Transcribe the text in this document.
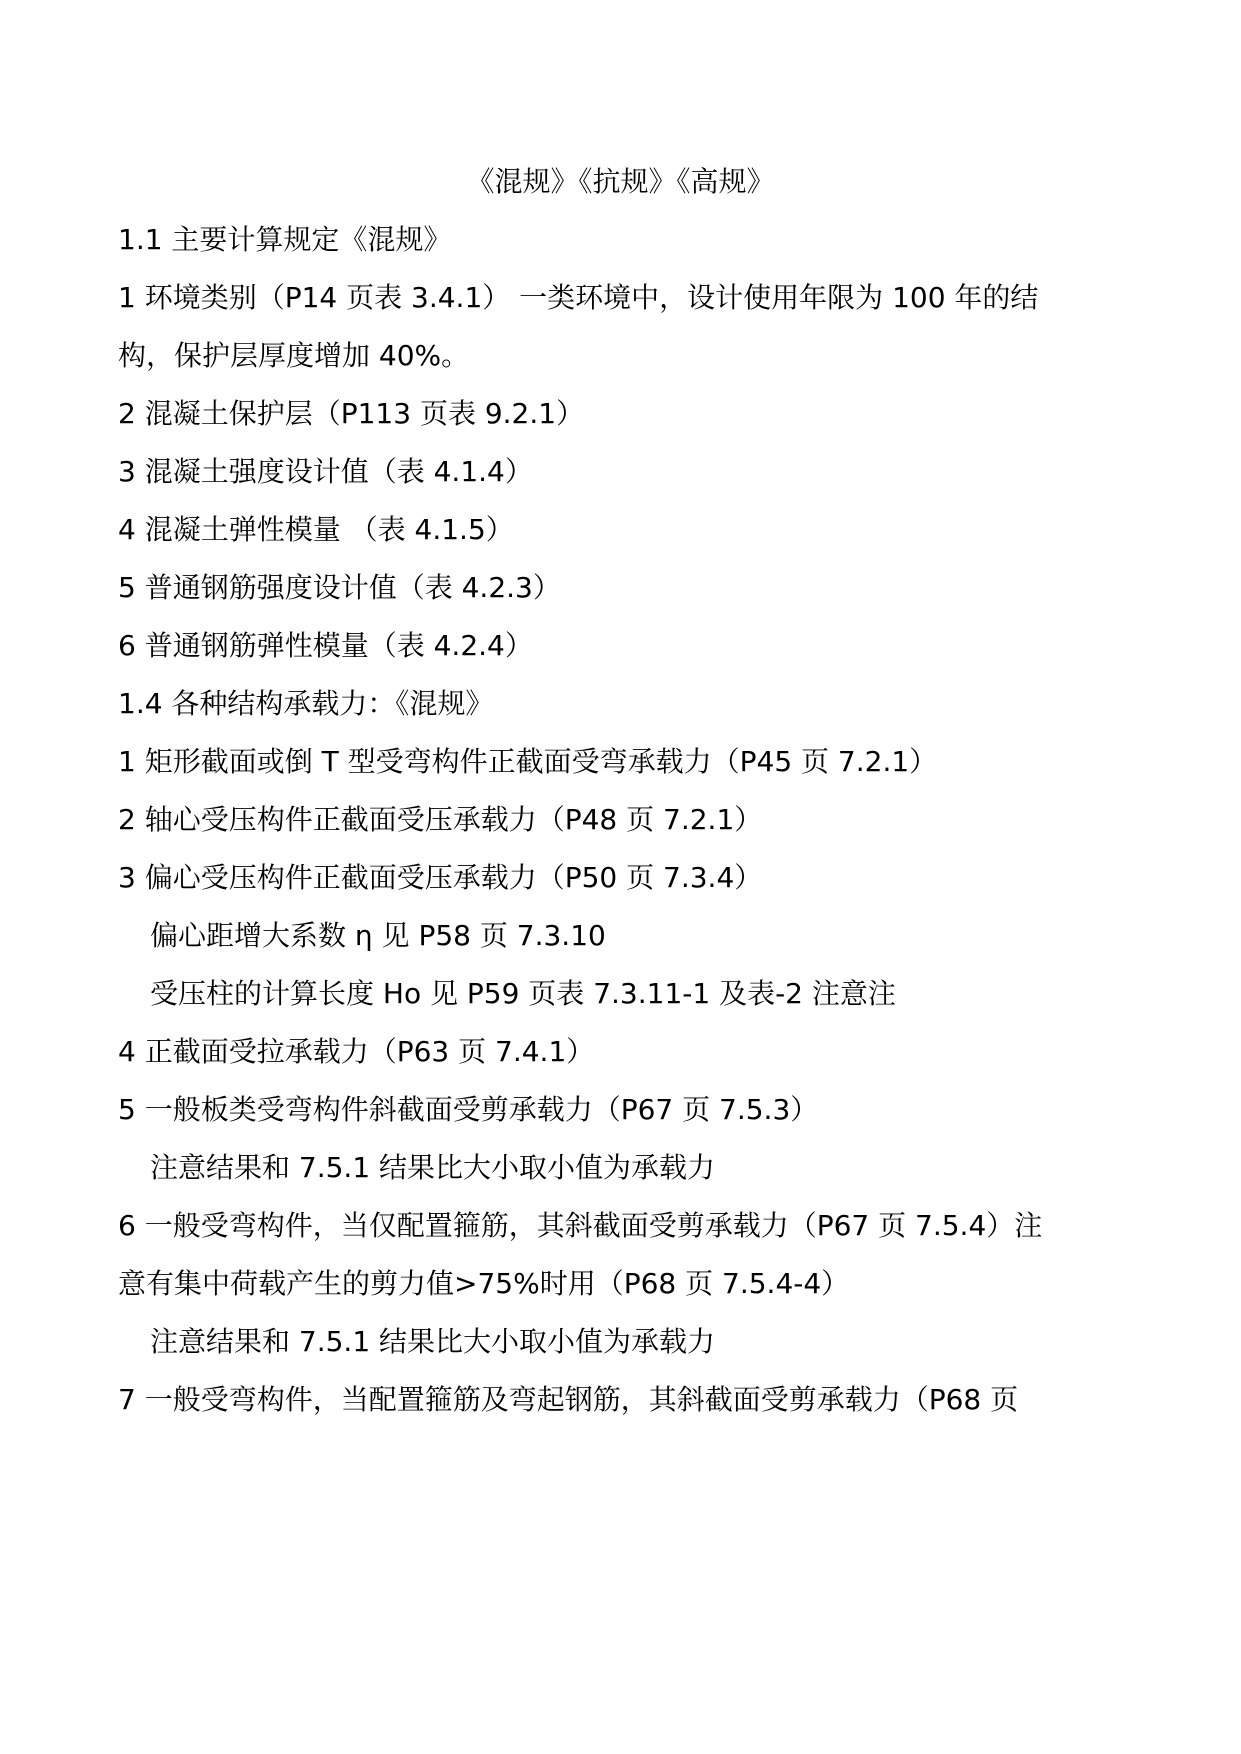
《混规》《抗规》《高规》
1.1 主要计算规定《混规》
1 环境类别（P14 页表 3.4.1） 一类环境中，设计使用年限为 100 年的结
构，保护层厚度增加 40%。
2 混凝土保护层（P113 页表 9.2.1）
3 混凝土强度设计值（表 4.1.4）
4 混凝土弹性模量 （表 4.1.5）
5 普通钢筋强度设计值（表 4.2.3）
6 普通钢筋弹性模量（表 4.2.4）
1.4 各种结构承载力：《混规》
1 矩形截面或倒 T 型受弯构件正截面受弯承载力（P45 页 7.2.1）
2 轴心受压构件正截面受压承载力（P48 页 7.2.1）
3 偏心受压构件正截面受压承载力（P50 页 7.3.4）
偏心距增大系数 η 见 P58 页 7.3.10
受压柱的计算长度 Ho 见 P59 页表 7.3.11-1 及表-2 注意注
4 正截面受拉承载力（P63 页 7.4.1）
5 一般板类受弯构件斜截面受剪承载力（P67 页 7.5.3）
注意结果和 7.5.1 结果比大小取小值为承载力
6 一般受弯构件，当仅配置箍筋，其斜截面受剪承载力（P67 页 7.5.4）注
意有集中荷载产生的剪力值>75%时用（P68 页 7.5.4-4）
注意结果和 7.5.1 结果比大小取小值为承载力
7 一般受弯构件，当配置箍筋及弯起钢筋，其斜截面受剪承载力（P68 页
